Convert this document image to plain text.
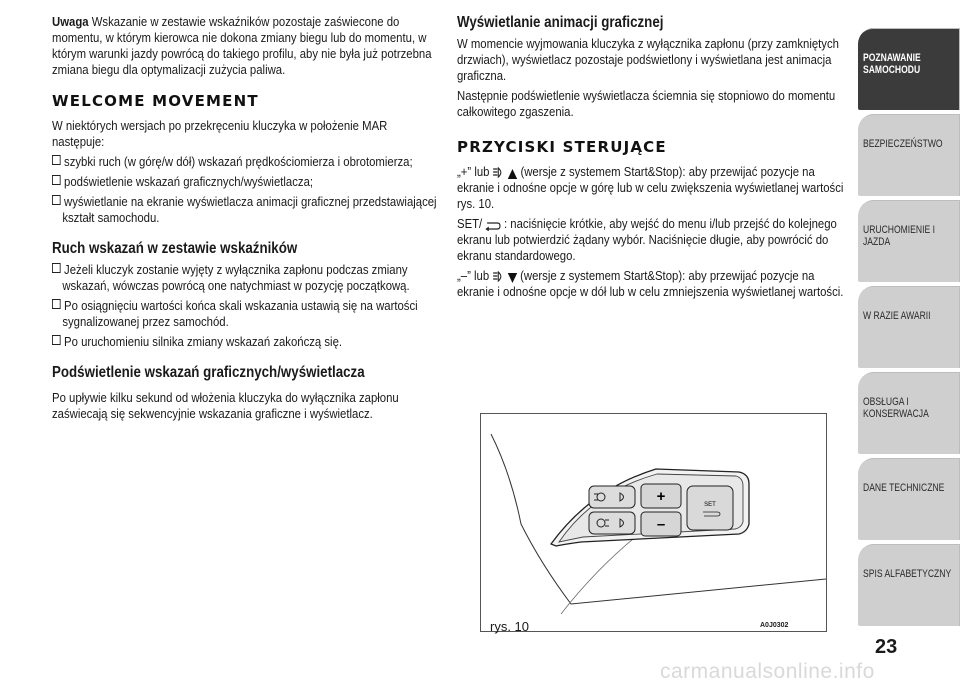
Uwaga Wskazanie w zestawie wskaźników pozostaje zaświecone do momentu, w którym kierowca nie dokona zmiany biegu lub do momentu, w którym warunki jazdy powrócą do takiego profilu, aby nie była już potrzebna zmiana biegu dla optymalizacji zużycia paliwa.

WELCOME MOVEMENT

W niektórych wersjach po przekręceniu kluczyka w położenie MAR następuje:

szybki ruch (w górę/w dół) wskazań prędkościomierza i obrotomierza;

podświetlenie wskazań graficznych/wyświetlacza;

wyświetlanie na ekranie wyświetlacza animacji graficznej przedstawiającej kształt samochodu.

Ruch wskazań w zestawie wskaźników

Jeżeli kluczyk zostanie wyjęty z wyłącznika zapłonu podczas zmiany wskazań, wówczas powrócą one natychmiast w pozycję początkową.

Po osiągnięciu wartości końca skali wskazania ustawią się na wartości sygnalizowanej przez samochód.

Po uruchomieniu silnika zmiany wskazań zakończą się.

Podświetlenie wskazań graficznych/wyświetlacza

Po upływie kilku sekund od włożenia kluczyka do wyłącznika zapłonu zaświecają się sekwencyjnie wskazania graficzne i wyświetlacz.

Wyświetlanie animacji graficznej

W momencie wyjmowania kluczyka z wyłącznika zapłonu (przy zamkniętych drzwiach), wyświetlacz pozostaje podświetlony i wyświetlana jest animacja graficzna.

Następnie podświetlenie wyświetlacza ściemnia się stopniowo do momentu całkowitego zgaszenia.

PRZYCISKI STERUJĄCE

„+” lub (wersje z systemem Start&Stop): aby przewijać pozycje na ekranie i odnośne opcje w górę lub w celu zwiększenia wyświetlanej wartości rys. 10.

SET/ : naciśnięcie krótkie, aby wejść do menu i/lub przejść do kolejnego ekranu lub potwierdzić żądany wybór. Naciśnięcie długie, aby powrócić do ekranu standardowego.

„–” lub (wersje z systemem Start&Stop): aby przewijać pozycje na ekranie i odnośne opcje w dół lub w celu zmniejszenia wyświetlanej wartości.

+
–
SET
rys. 10	A0J0302
POZNAWANIE SAMOCHODU
BEZPIECZEŃSTWO
URUCHOMIENIE I JAZDA
W RAZIE AWARII
OBSŁUGA I KONSERWACJA
DANE TECHNICZNE
SPIS ALFABETYCZNY
23
carmanualsonline.info
